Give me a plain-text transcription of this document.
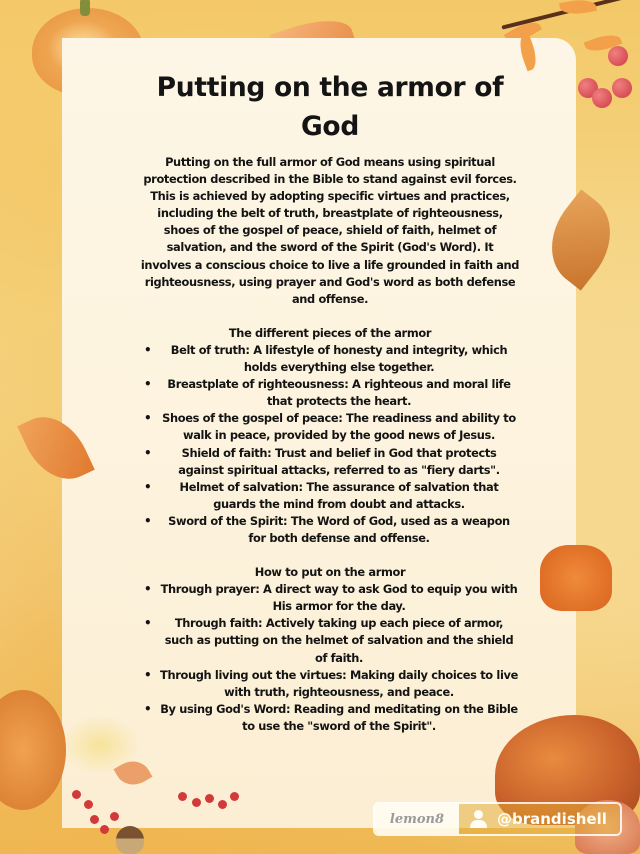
Putting on the armor of God

Putting on the full armor of God means using spiritual protection described in the Bible to stand against evil forces. This is achieved by adopting specific virtues and practices, including the belt of truth, breastplate of righteousness, shoes of the gospel of peace, shield of faith, helmet of salvation, and the sword of the Spirit (God's Word). It involves a conscious choice to live a life grounded in faith and righteousness, using prayer and God's word as both defense and offense.

The different pieces of the armor
• Belt of truth: A lifestyle of honesty and integrity, which holds everything else together.
• Breastplate of righteousness: A righteous and moral life that protects the heart.
• Shoes of the gospel of peace: The readiness and ability to walk in peace, provided by the good news of Jesus.
•	Shield of faith: Trust and belief in God that protects against spiritual attacks, referred to as "fiery darts".
• Helmet of salvation: The assurance of salvation that guards the mind from doubt and attacks.
• Sword of the Spirit: The Word of God, used as a weapon for both defense and offense.
How to put on the armor
• Through prayer: A direct way to ask God to equip you with His armor for the day.
• Through faith: Actively taking up each piece of armor, such as putting on the helmet of salvation and the shield of faith.
• Through living out the virtues: Making daily choices to live with truth, righteousness, and peace.
• By using God's Word: Reading and meditating on the Bible to use the "sword of the Spirit".
lemon8	@brandishell
